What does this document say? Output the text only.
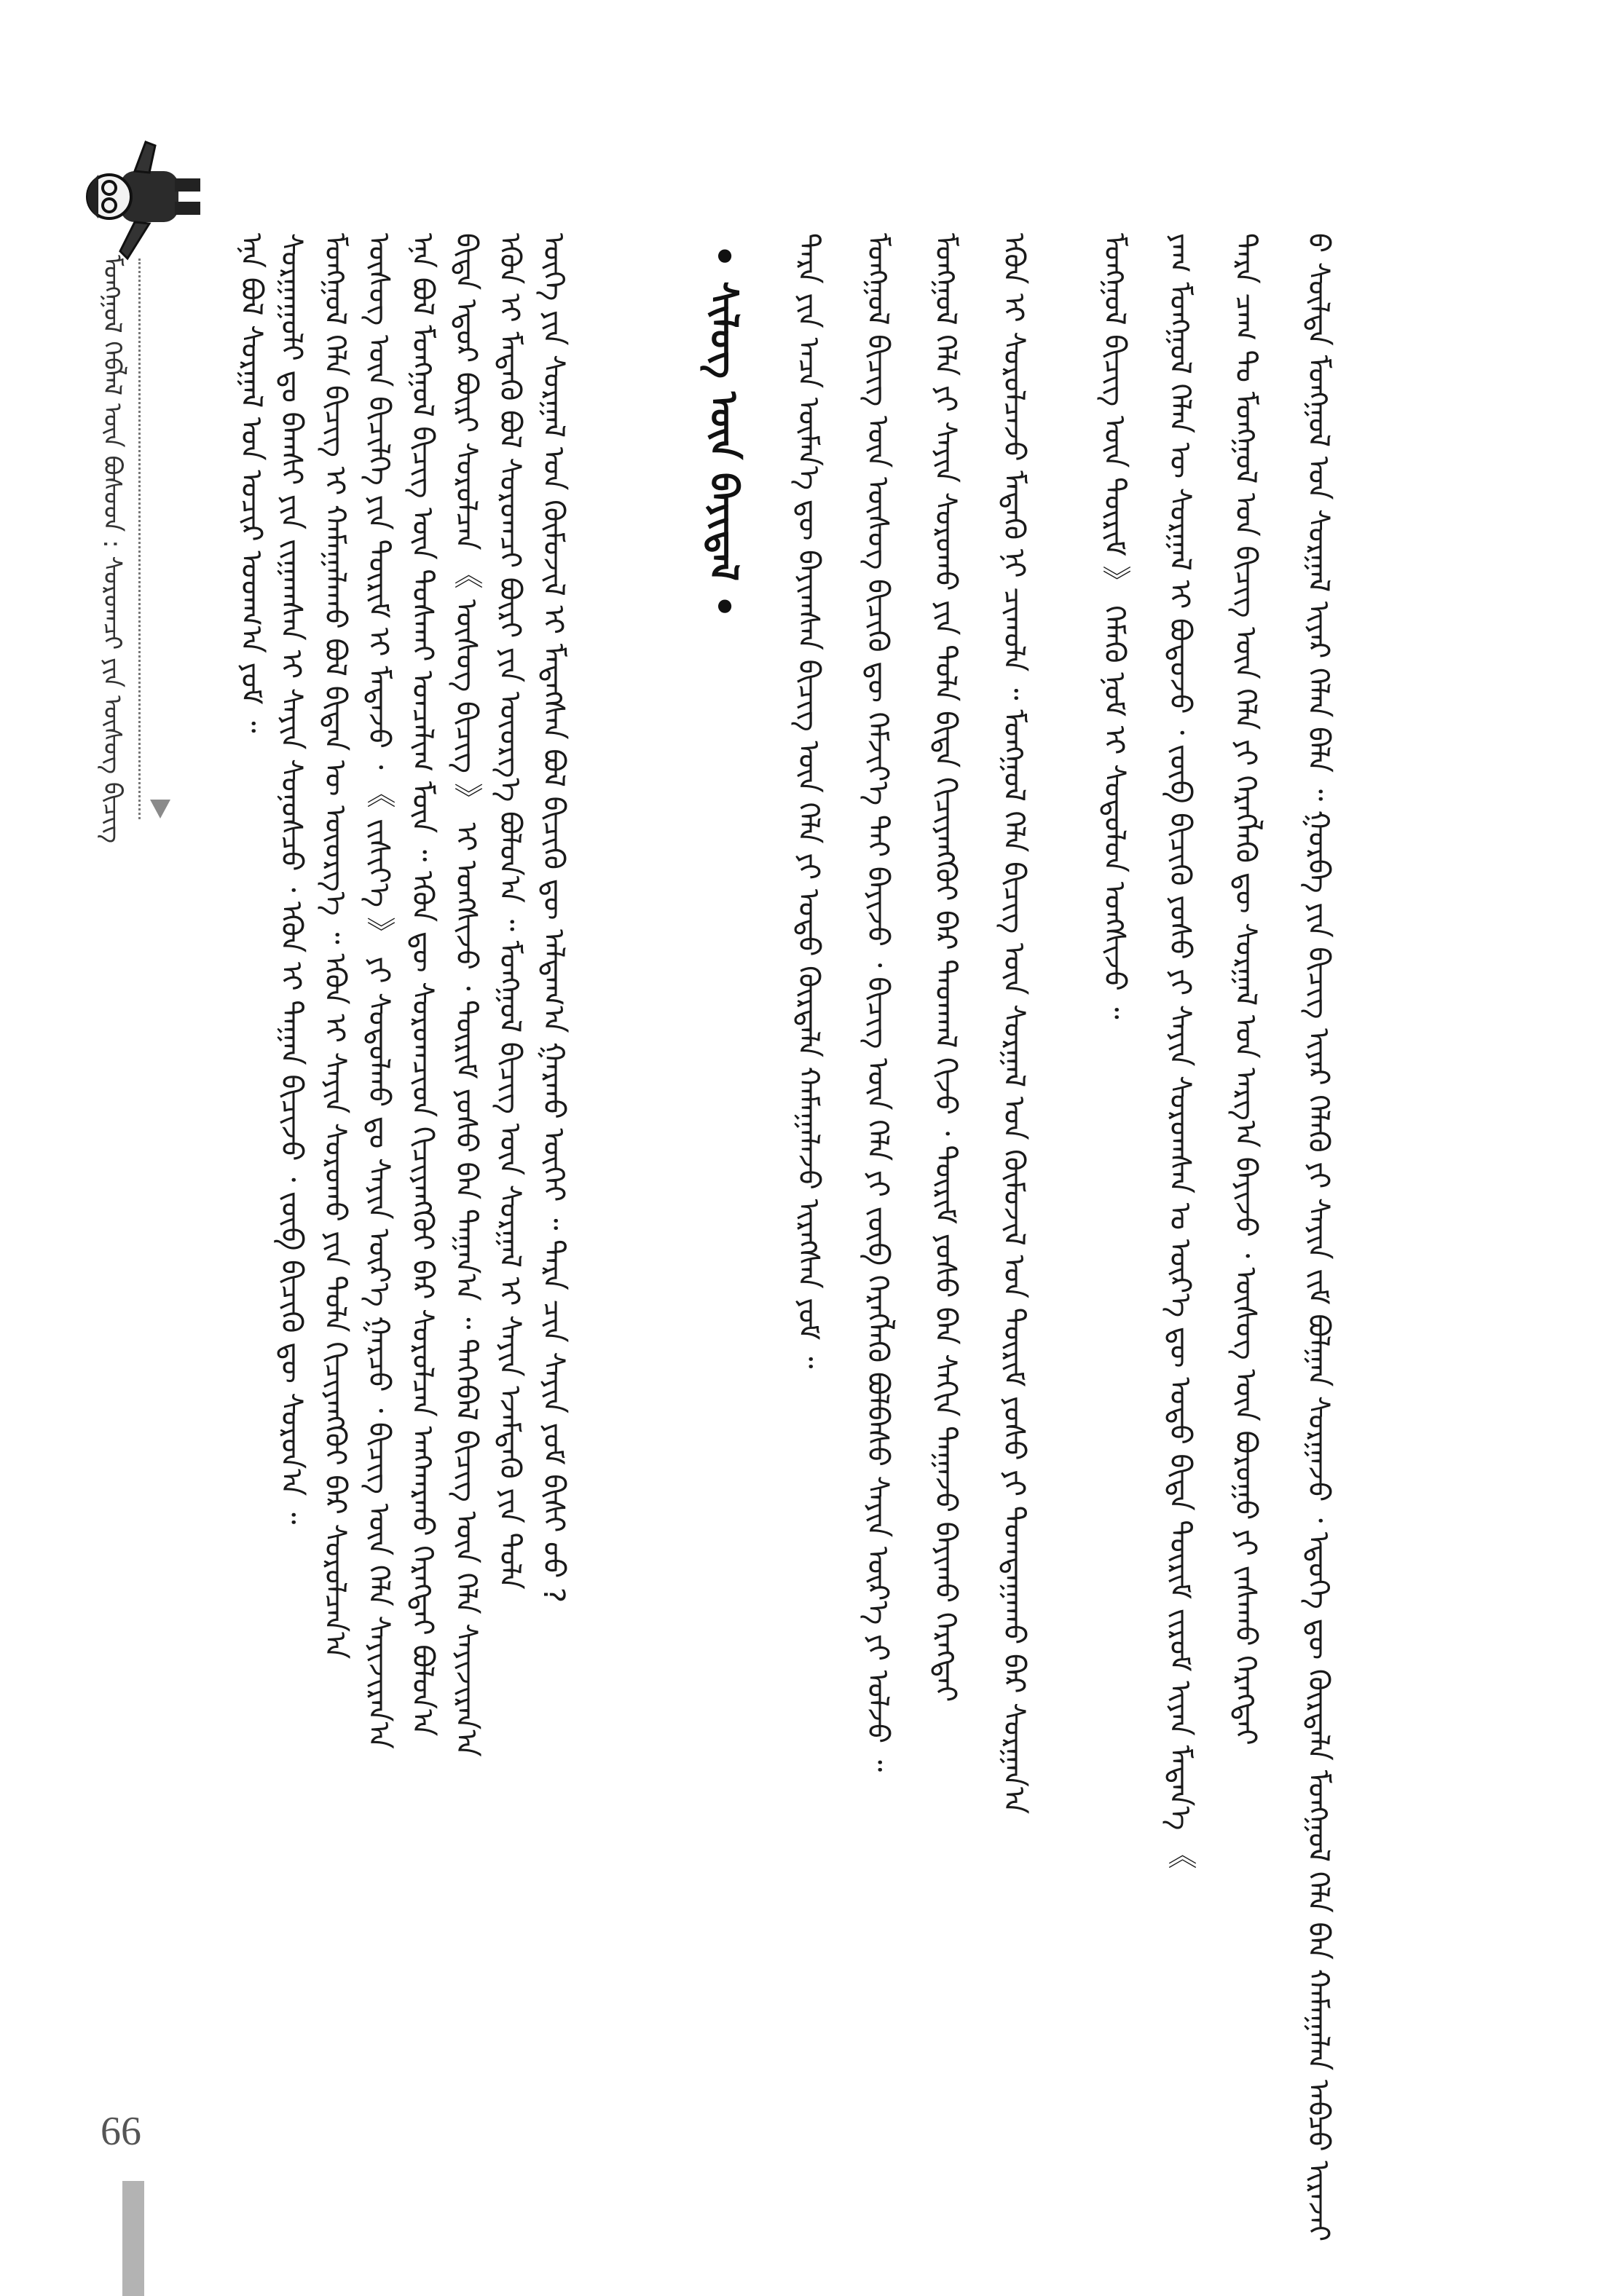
ᠮᠣᠩᠭᠣᠯ ᠬᠡᠪᠯᠡᠯ ᠦᠨ ᠪᠤᠰᠤᠳ : ᠰᠤᠷᠤᠭᠴᠢ ᠶᠢᠨ ᠦᠰᠦᠭ ᠪᠢᠴᠢᠭ	ᠡᠨᠡ ᠪᠣᠯ ᠰᠤᠷᠭᠠᠯ ᠤᠨ ᠤᠴᠢᠷ ᠤᠳᠬ᠎ᠠ ᠶᠤᠮ ᠃ ᠰᠤᠷᠭᠠᠭᠤᠯᠢ ᠳᠤ ᠪᠠᠭᠰᠢ ᠶᠢᠨ ᠵᠢᠭᠠᠭᠰᠠᠨ ᠢ ᠰᠠᠶᠢᠨ ᠰᠣᠨᠣᠰᠴᠤ ᠂ ᠡᠭᠦᠨ ᠢ ᠳᠠᠭᠠᠨ ᠪᠢᠴᠢᠵᠦ ᠂ ᠵᠦᠪ ᠪᠢᠴᠢᠬᠦ ᠳᠦ ᠰᠤᠷᠤᠨ᠎ᠠ ᠃ ᠮᠣᠩᠭᠣᠯ ᠬᠡᠯᠡ ᠪᠢᠴᠢᠭ ᠢ ᠬᠠᠮᠠᠭᠠᠯᠠᠬᠤ ᠪᠣᠯ ᠪᠢᠳᠡᠨ ᠦ ᠦᠦᠷᠭ᠎ᠡ ᠃ ᠡᠭᠦᠨ ᠢ ᠰᠠᠶᠢᠨ ᠰᠤᠷᠤᠬᠤ ᠶᠢᠨ ᠲᠤᠯᠠ ᠬᠢᠴᠢᠶᠡᠩᠭᠦᠢ ᠪᠠᠷ ᠰᠤᠷᠤᠯᠴᠠᠨ᠎ᠠ ᠦᠰᠦᠭ ᠦᠨ ᠪᠢᠴᠢᠯᠭᠡ ᠶᠢᠨ ᠳᠦᠷᠢᠮ ᠢ ᠮᠡᠳᠡᠵᠦ ᠂ 《 ᠵᠢᠱᠢᠶ᠎ᠡ 》 ᠶᠢ ᠰᠤᠳᠤᠯᠬᠤ ᠳᠤ ᠰᠠᠶᠢᠨ ᠦᠷ᠎ᠡ ᠭᠠᠷᠴᠤ ᠂ ᠪᠢᠴᠢᠭ ᠦᠨ ᠬᠡᠯᠡ ᠰᠠᠶᠢᠵᠢᠷᠠᠨ᠎ᠠ ᠡᠨᠡ ᠪᠣᠯ ᠮᠣᠩᠭᠣᠯ ᠪᠢᠴᠢᠭ ᠦᠨ ᠲᠤᠰᠭᠠᠢ ᠤᠨᠴᠠᠯᠢᠭ ᠮᠥᠨ ᠃ ᠡᠭᠦᠨ ᠳᠦ ᠰᠤᠷᠤᠭᠴᠢᠳ ᠬᠢᠴᠢᠶᠡᠩᠭᠦᠢ ᠪᠠᠷ ᠰᠤᠷᠤᠯᠴᠠᠨ ᠠᠩᠬᠠᠷᠬᠤ ᠬᠡᠷᠡᠭᠲᠡᠶ ᠪᠣᠯᠤᠨ᠎ᠠ ᠪᠢᠳᠡ ᠡᠳᠦᠷ ᠪᠦᠷᠢ ᠰᠤᠷᠤᠯᠴᠠᠨ 《 ᠦᠰᠦᠭ ᠪᠢᠴᠢᠭ 》 ᠢ ᠤᠩᠰᠢᠵᠤ ᠂ ᠳᠦᠷᠢᠮ ᠶᠣᠰᠤ ᠪᠠᠨ ᠳᠠᠭᠠᠨ᠎ᠠ ᠃ ᠲᠡᠭᠡᠪᠡᠯ ᠪᠢᠴᠢᠭ ᠦᠨ ᠬᠡᠯᠡ ᠰᠠᠶᠢᠵᠢᠷᠠᠨ᠎ᠠ ᠡᠭᠦᠨ ᠢ ᠮᠡᠳᠡᠬᠦ ᠪᠣᠯ ᠰᠤᠷᠤᠭᠴᠢ ᠪᠦᠷᠢ ᠶᠢᠨ ᠦᠦᠷᠭ᠎ᠡ ᠪᠣᠯᠤᠨ᠎ᠠ ᠃ ᠮᠣᠩᠭᠣᠯ ᠪᠢᠴᠢᠭ ᠦᠨ ᠰᠤᠷᠭᠠᠯ ᠢ ᠰᠠᠶᠢᠨ ᠡᠵᠡᠮᠳᠡᠬᠦ ᠶᠢᠨ ᠲᠤᠯᠠ ᠦᠭᠡ ᠶᠢᠨ ᠰᠤᠷᠭᠠᠯ ᠤᠨ ᠬᠦᠮᠦᠵᠢᠯ ᠢ ᠮᠡᠳᠡᠭᠰᠡᠨ ᠪᠣᠯ ᠪᠢᠴᠢᠬᠦ ᠳᠦ ᠠᠯᠳᠠᠭ᠎ᠠ ᠭᠠᠷᠬᠤ ᠦᠭᠡᠢ ᠃ ᠲᠡᠷᠡ ᠴᠢᠨ ᠰᠠᠶᠢᠨ ᠶᠤᠮ ᠪᠢᠰᠢ ᠤᠤ ?	• ᠰᠢᠯᠦᠭ ᠦᠨ ᠪᠠᠶᠢᠳᠠᠯ •	ᠲᠡᠷᠡ ᠶᠢᠨ ᠠᠴᠠ ᠦᠮᠡᠨ᠎ᠡ ᠳᠦ ᠪᠠᠶᠢᠭᠰᠠᠨ ᠪᠢᠴᠢᠭ ᠦᠨ ᠬᠡᠯᠡ ᠶᠢ ᠣᠳᠣ ᠬᠦᠷᠲᠡᠯᠡ ᠬᠠᠮᠠᠭᠠᠯᠠᠵᠤ ᠢᠷᠡᠭᠰᠡᠨ ᠶᠤᠮ ᠃ ᠮᠣᠩᠭᠣᠯ ᠪᠢᠴᠢᠭ ᠦᠨ ᠦᠰᠦᠭ ᠪᠢᠴᠢᠬᠦ ᠳᠦ ᠬᠡᠮᠵᠢᠶ᠎ᠡ ᠲᠠᠢ ᠪᠠᠶᠢᠵᠤ ᠂ ᠪᠢᠴᠢᠭ ᠦᠨ ᠬᠡᠯᠡ ᠶᠢ ᠵᠦᠪ ᠬᠡᠷᠡᠭᠯᠡᠬᠦ ᠪᠣᠯᠪᠠᠰᠤ ᠰᠠᠶᠢᠨ ᠦᠷ᠎ᠡ ᠶᠢ ᠣᠯᠵᠤ ᠃ ᠮᠣᠩᠭᠣᠯ ᠬᠡᠯᠡ ᠶᠢ ᠰᠠᠶᠢᠨ ᠰᠤᠷᠤᠬᠤ ᠶᠢᠨ ᠲᠤᠯᠠ ᠪᠢᠳᠡ ᠬᠢᠴᠢᠶᠡᠩᠭᠦᠢ ᠪᠠᠷ ᠳᠠᠳᠬᠠᠯ ᠬᠢᠵᠤ ᠂ ᠳᠦᠷᠢᠮ ᠶᠣᠰᠤ ᠪᠠᠨ ᠰᠠᠬᠢᠨ ᠳᠠᠭᠠᠵᠤ ᠪᠠᠶᠢᠬᠤ ᠬᠡᠷᠡᠭᠲᠡᠶ ᠡᠭᠦᠨ ᠢ ᠰᠤᠷᠤᠯᠴᠠᠵᠤ ᠮᠡᠳᠡᠬᠦ ᠨᠢ ᠴᠢᠬᠤᠯᠠ ᠃ ᠮᠣᠩᠭᠣᠯ ᠬᠡᠯᠡ ᠪᠢᠴᠢᠭ ᠦᠨ ᠰᠤᠷᠭᠠᠯ ᠤᠨ ᠬᠦᠮᠦᠵᠢᠯ ᠤᠨ ᠳᠦᠷᠢᠮ ᠶᠣᠰᠤ ᠶᠢ ᠲᠤᠭᠲᠠᠭᠠᠬᠤ ᠪᠡᠷ ᠰᠤᠷᠭᠠᠨ᠎ᠠ ᠮᠣᠩᠭᠣᠯ ᠪᠢᠴᠢᠭ ᠦᠨ ᠳᠦᠷᠢᠮ 》 ᠬᠡᠮᠡᠬᠦ ᠨᠣᠮ ᠢ ᠰᠤᠳᠤᠯᠤᠨ ᠤᠩᠰᠢᠵᠤ ᠃ ᠶᠠᠭ ᠮᠣᠩᠭᠣᠯ ᠬᠡᠯᠡᠨ ᠦ ᠰᠤᠷᠭᠠᠯ ᠢ ᠪᠣᠳᠣᠵᠤ ᠂ ᠵᠦᠪ ᠪᠢᠴᠢᠬᠦ ᠶᠣᠰᠤ ᠶᠢ ᠰᠠᠶᠢᠨ ᠰᠤᠷᠤᠭᠰᠠᠨ ᠤ ᠦᠷ᠎ᠡ ᠳᠦ ᠣᠳᠣ ᠪᠢᠳᠡ ᠳᠦᠷᠢᠮ ᠵᠢᠷᠤᠮ ᠢᠶᠠᠨ ᠮᠡᠳᠡᠨ᠎ᠡ 《 ᠲᠡᠷᠡ ᠴᠠᠭ ᠲᠤ ᠮᠣᠩᠭᠣᠯ ᠤᠨ ᠪᠢᠴᠢᠭ ᠦᠨ ᠬᠡᠯᠡ ᠶᠢ ᠬᠡᠷᠡᠭᠯᠡᠬᠦ ᠳᠦ ᠰᠤᠷᠭᠠᠯ ᠤᠨ ᠠᠷᠭ᠎ᠠ ᠪᠠᠶᠢᠵᠤ ᠂ ᠦᠰᠦᠭ ᠦᠨ ᠪᠤᠷᠤᠭᠤ ᠶᠢ ᠵᠠᠰᠠᠬᠤ ᠬᠡᠷᠡᠭᠲᠡᠶ ᠪ ᠰᠦᠯᠳᠡ ᠮᠣᠩᠭᠣᠯ ᠤᠨ ᠰᠤᠷᠭᠠᠯ ᠢᠶᠠᠷ ᠬᠡᠯᠡᠨ ᠪᠡᠯᠡ ᠃ ᠭᠤᠷᠪᠠ ᠶᠢᠨ ᠪᠢᠴᠢᠭ ᠢᠶᠠᠷ ᠬᠡᠯᠡᠬᠦ ᠶᠢ ᠰᠠᠶᠢᠨ ᠵᠢᠮ ᠪᠤᠯᠭᠠᠨ ᠰᠤᠷᠭᠠᠵᠤ ᠂ ᠡᠳᠦᠭᠡ ᠳᠦ ᠬᠦᠷᠲᠡᠯᠡ ᠮᠣᠩᠭᠣᠯ ᠬᠡᠯᠡ ᠪᠡᠨ ᠬᠠᠮᠠᠭᠠᠯᠠᠨ ᠠᠪᠴᠤ ᠢᠷᠡᠵᠡᠢ
66
